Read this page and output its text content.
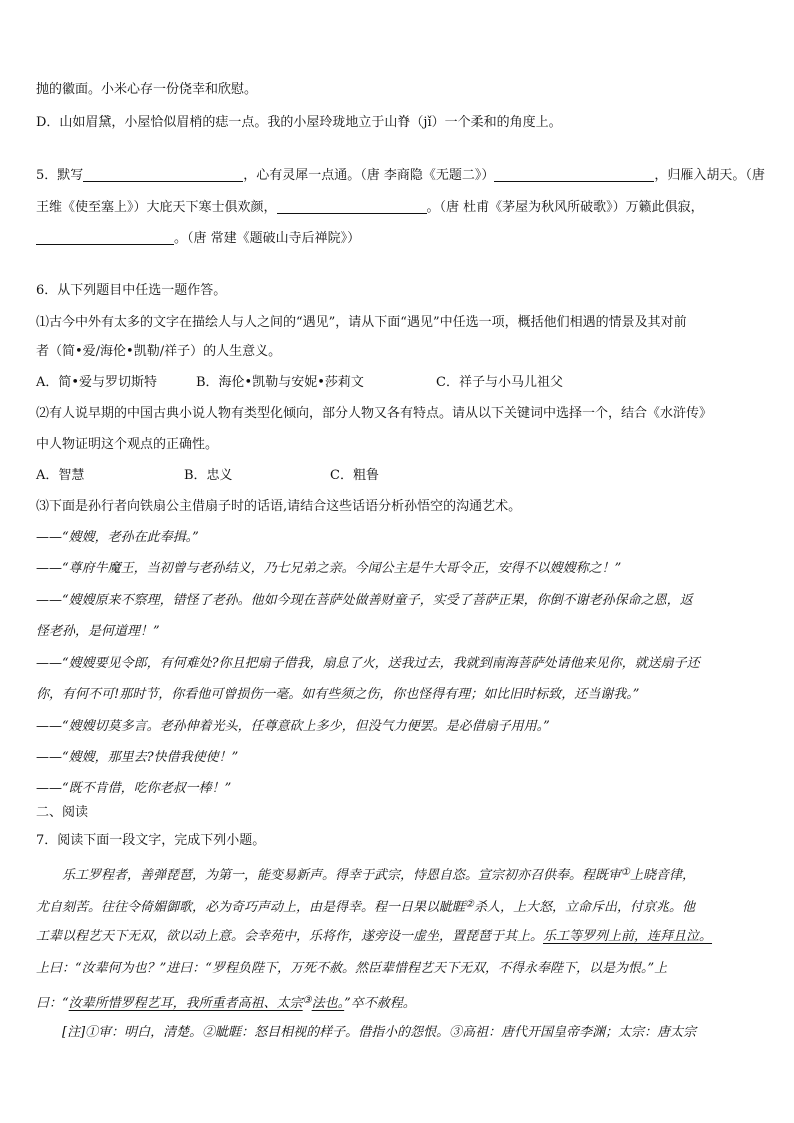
抛的徽面。小米心存一份侥幸和欣慰。
D．山如眉黛，小屋恰似眉梢的痣一点。我的小屋玲珑地立于山脊（jǐ）一个柔和的角度上。
5．默写	，心有灵犀一点通。（唐 李商隐《无题二》）	，归雁入胡天。（唐
王维《使至塞上》）大庇天下寒士俱欢颜，	。（唐 杜甫《茅屋为秋风所破歌》）万籁此俱寂，
。（唐 常建《题破山寺后禅院》）
6．从下列题目中任选一题作答。
⑴古今中外有太多的文字在描绘人与人之间的“遇见”，请从下面“遇见”中任选一项，概括他们相遇的情景及其对前
者（简•爱/海伦•凯勒/祥子）的人生意义。
A．简•爱与罗切斯特	B．海伦•凯勒与安妮•莎莉文	C．祥子与小马儿祖父
⑵有人说早期的中国古典小说人物有类型化倾向，部分人物又各有特点。请从以下关键词中选择一个，结合《水浒传》
中人物证明这个观点的正确性。
A．智慧	B．忠义	C．粗鲁
⑶下面是孙行者向铁扇公主借扇子时的话语,请结合这些话语分析孙悟空的沟通艺术。
——“嫂嫂，老孙在此奉揖。”
——“尊府牛魔王，当初曾与老孙结义，乃七兄弟之亲。今闻公主是牛大哥令正，安得不以嫂嫂称之！”
——“嫂嫂原来不察理，错怪了老孙。他如今现在菩萨处做善财童子，实受了菩萨正果，你倒不谢老孙保命之恩，返
怪老孙，是何道理！”
——“嫂嫂要见令郎，有何难处?你且把扇子借我，扇息了火，送我过去，我就到南海菩萨处请他来见你，就送扇子还
你，有何不可!那时节，你看他可曾损伤一毫。如有些须之伤，你也怪得有理；如比旧时标致，还当谢我。”
——“嫂嫂切莫多言。老孙伸着光头，任尊意砍上多少，但没气力便罢。是必借扇子用用。”
——“嫂嫂，那里去?快借我使使！”
——“既不肯借，吃你老叔一棒！”
二、阅读
7．阅读下面一段文字，完成下列小题。
乐工罗程者，善弹琵琶，为第一，能变易新声。得幸于武宗，恃恩自恣。宣宗初亦召供奉。程既审①上晓音律，
尤自刻苦。往往令倚媚御歌，必为奇巧声动上，由是得幸。程一日果以眦睚②杀人，上大怒，立命斥出，付京兆。他
工辈以程艺天下无双，欲以动上意。会幸苑中，乐将作，遂旁设一虚坐，置琵琶于其上。乐工等罗列上前，连拜且泣。
上曰：“汝辈何为也？”进曰：“罗程负陛下，万死不赦。然臣辈惜程艺天下无双，不得永奉陛下，以是为恨。”上
曰：“汝辈所惜罗程艺耳，我所重者高祖、太宗③法也。”卒不赦程。
[注]①审：明白，清楚。②眦睚：怒目相视的样子。借指小的怨恨。③高祖：唐代开国皇帝李渊；太宗：唐太宗
